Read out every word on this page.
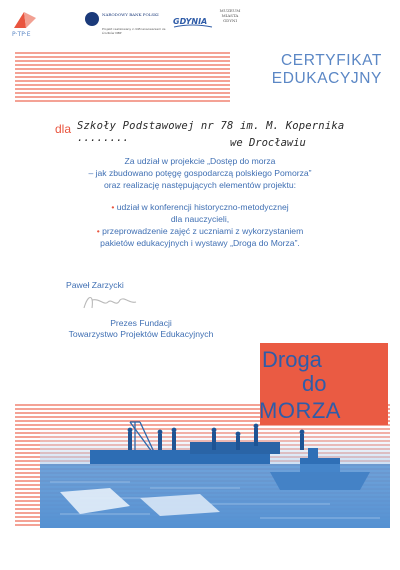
P·TP·E
NARODOWY BANK POLSKI
Projekt realizowany z dofinansowaniem ze środków NBP
GDYNIA
MUZEUM MIASTA GDYNI
CERTYFIKAT
EDUKACYJNY
dla Szkoły Podstawowej nr 78 im. M. Kopernika ........	we Drocławiu

Za udział w projekcie „Dostęp do morza

– jak zbudowano potęgę gospodarczą polskiego Pomorza”

oraz realizację następujących elementów projektu:

• udział w konferencji historyczno-metodycznej

dla nauczycieli,

• przeprowadzenie zajęć z uczniami z wykorzystaniem

pakietów edukacyjnych i wystawy „Droga do Morza”.

Paweł Zarzycki
Prezes Fundacji
Towarzystwo Projektów Edukacyjnych
Droga
do
MORZA
